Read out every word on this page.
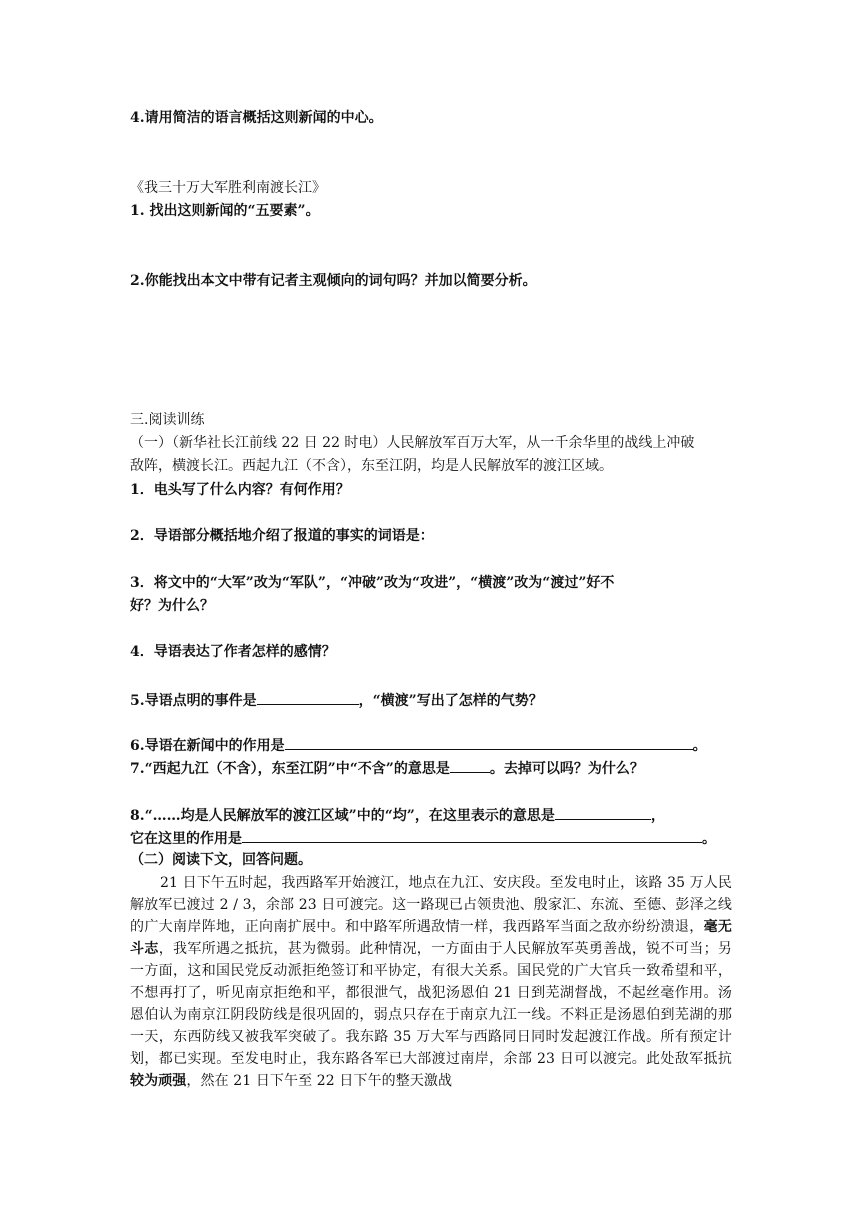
4.请用简洁的语言概括这则新闻的中心。
《我三十万大军胜利南渡长江》
1. 找出这则新闻的“五要素”。
2.你能找出本文中带有记者主观倾向的词句吗？并加以简要分析。
三.阅读训练
（一）（新华社长江前线 22 日 22 时电）人民解放军百万大军，从一千余华里的战线上冲破
敌阵，横渡长江。西起九江（不含），东至江阴，均是人民解放军的渡江区域。
1．电头写了什么内容？有何作用？
2．导语部分概括地介绍了报道的事实的词语是：
3．将文中的“大军”改为“军队”，“冲破”改为“攻进”，“横渡”改为“渡过”好不
好？为什么？
4．导语表达了作者怎样的感情？
5.导语点明的事件是	，“横渡”写出了怎样的气势？
6.导语在新闻中的作用是	。
7.“西起九江（不含），东至江阴”中“不含”的意思是	。去掉可以吗？为什么？
8.“……均是人民解放军的渡江区域”中的“均”，在这里表示的意思是	，
它在这里的作用是	。
（二）阅读下文，回答问题。
21 日下午五时起，我西路军开始渡江，地点在九江、安庆段。至发电时止，该路 35 万人民解放军已渡过 2 / 3，余部 23 日可渡完。这一路现已占领贵池、殷家汇、东流、至德、彭泽之线的广大南岸阵地，正向南扩展中。和中路军所遇敌情一样，我西路军当面之敌亦纷纷溃退，毫无斗志，我军所遇之抵抗，甚为微弱。此种情况，一方面由于人民解放军英勇善战，锐不可当；另一方面，这和国民党反动派拒绝签订和平协定，有很大关系。国民党的广大官兵一致希望和平，不想再打了，听见南京拒绝和平，都很泄气，战犯汤恩伯 21 日到芜湖督战，不起丝毫作用。汤恩伯认为南京江阴段防线是很巩固的，弱点只存在于南京九江一线。不料正是汤恩伯到芜湖的那一天，东西防线又被我军突破了。我东路 35 万大军与西路同日同时发起渡江作战。所有预定计划，都已实现。至发电时止，我东路各军已大部渡过南岸，余部 23 日可以渡完。此处敌军抵抗较为顽强，然在 21 日下午至 22 日下午的整天激战
